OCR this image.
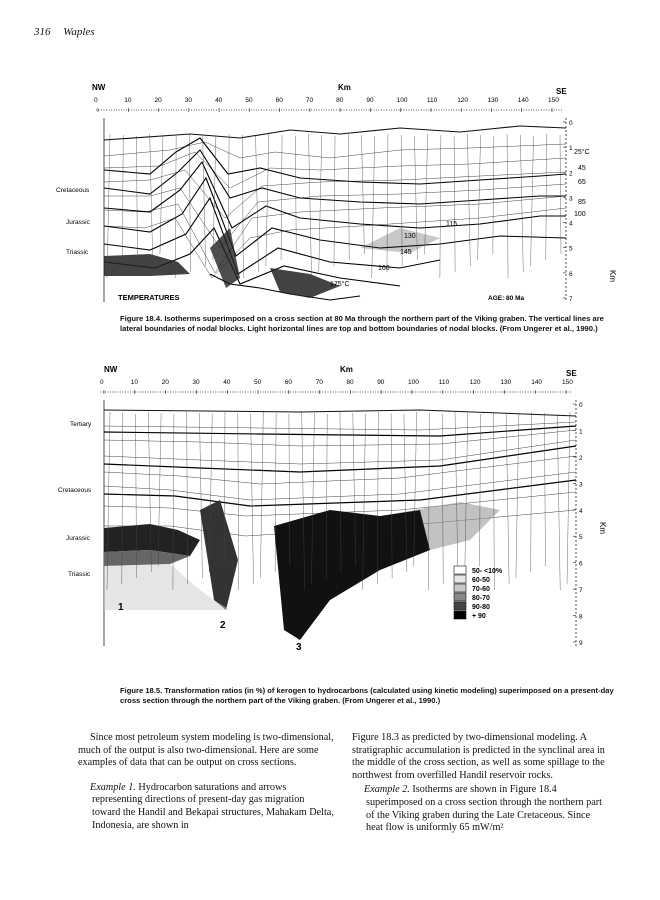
316 Waples
NW	Km	SE
0	10	20	30	40	50	60	70	80	90	100	110	120	130	140	150
0
1
2
3
4
5
6
7
Km
Cretaceous
Jurassic
Triassic
25°C
45
65
85
100
115
130
145
160
175°C
TEMPERATURES	AGE: 80 Ma
Figure 18.4. Isotherms superimposed on a cross section at 80 Ma through the northern part of the Viking graben. The vertical lines are lateral boundaries of nodal blocks. Light horizontal lines are top and bottom boundaries of nodal blocks. (From Ungerer et al., 1990.)
NW	Km	SE
0	10	20	30	40	50	60	70	80	90	100	110	120	130	140	150
0
1
2
3
4
5
6
7
8
9
Km
Tertiary
Cretaceous
Jurassic
Triassic
1
2
3
50- <10%
60-50
70-60
80-70
90-80
+ 90
Figure 18.5. Transformation ratios (in %) of kerogen to hydrocarbons (calculated using kinetic modeling) superimposed on a present-day cross section through the northern part of the Viking graben. (From Ungerer et al., 1990.)

Since most petroleum system modeling is two-dimensional, much of the output is also two-dimensional. Here are some examples of data that can be output on cross sections.

Example 1. Hydrocarbon saturations and arrows representing directions of present-day gas migration toward the Handil and Bekapai structures, Mahakam Delta, Indonesia, are shown in

Figure 18.3 as predicted by two-dimensional modeling. A stratigraphic accumulation is predicted in the synclinal area in the middle of the cross section, as well as some spillage to the northwest from overfilled Handil reservoir rocks.

Example 2. Isotherms are shown in Figure 18.4 superimposed on a cross section through the northern part of the Viking graben during the Late Cretaceous. Since heat flow is uniformly 65 mW/m²
